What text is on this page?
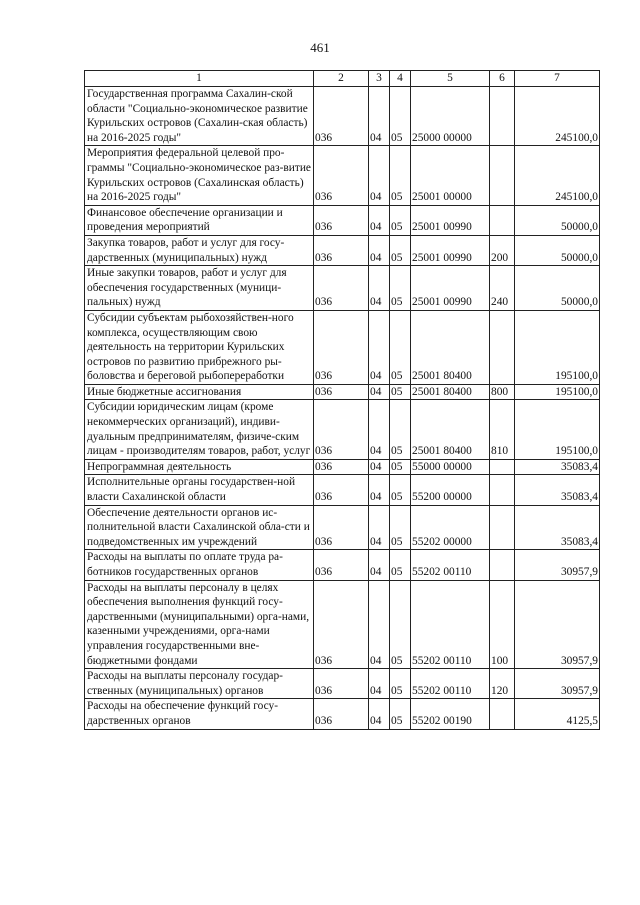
461
1	2	3	4	5	6	7
Государственная программа Сахалин-ской области "Социально-экономическое развитие Курильских островов (Сахалин-ская область) на 2016-2025 годы"	036	04	05	25000 00000		245100,0
Мероприятия федеральной целевой про-граммы "Социально-экономическое раз-витие Курильских островов (Сахалинская область) на 2016-2025 годы"	036	04	05	25001 00000		245100,0
Финансовое обеспечение организации и проведения мероприятий	036	04	05	25001 00990		50000,0
Закупка товаров, работ и услуг для госу-дарственных (муниципальных) нужд	036	04	05	25001 00990	200	50000,0
Иные закупки товаров, работ и услуг для обеспечения государственных (муници-пальных) нужд	036	04	05	25001 00990	240	50000,0
Субсидии субъектам рыбохозяйствен-ного комплекса, осуществляющим свою деятельность на территории Курильских островов по развитию прибрежного ры-боловства и береговой рыбопереработки	036	04	05	25001 80400		195100,0
Иные бюджетные ассигнования	036	04	05	25001 80400	800	195100,0
Субсидии юридическим лицам (кроме некоммерческих организаций), индиви-дуальным предпринимателям, физиче-ским лицам - производителям товаров, работ, услуг	036	04	05	25001 80400	810	195100,0
Непрограммная деятельность	036	04	05	55000 00000		35083,4
Исполнительные органы государствен-ной власти Сахалинской области	036	04	05	55200 00000		35083,4
Обеспечение деятельности органов ис-полнительной власти Сахалинской обла-сти и подведомственных им учреждений	036	04	05	55202 00000		35083,4
Расходы на выплаты по оплате труда ра-ботников государственных органов	036	04	05	55202 00110		30957,9
Расходы на выплаты персоналу в целях обеспечения выполнения функций госу-дарственными (муниципальными) орга-нами, казенными учреждениями, орга-нами управления государственными вне-бюджетными фондами	036	04	05	55202 00110	100	30957,9
Расходы на выплаты персоналу государ-ственных (муниципальных) органов	036	04	05	55202 00110	120	30957,9
Расходы на обеспечение функций госу-дарственных органов	036	04	05	55202 00190		4125,5
